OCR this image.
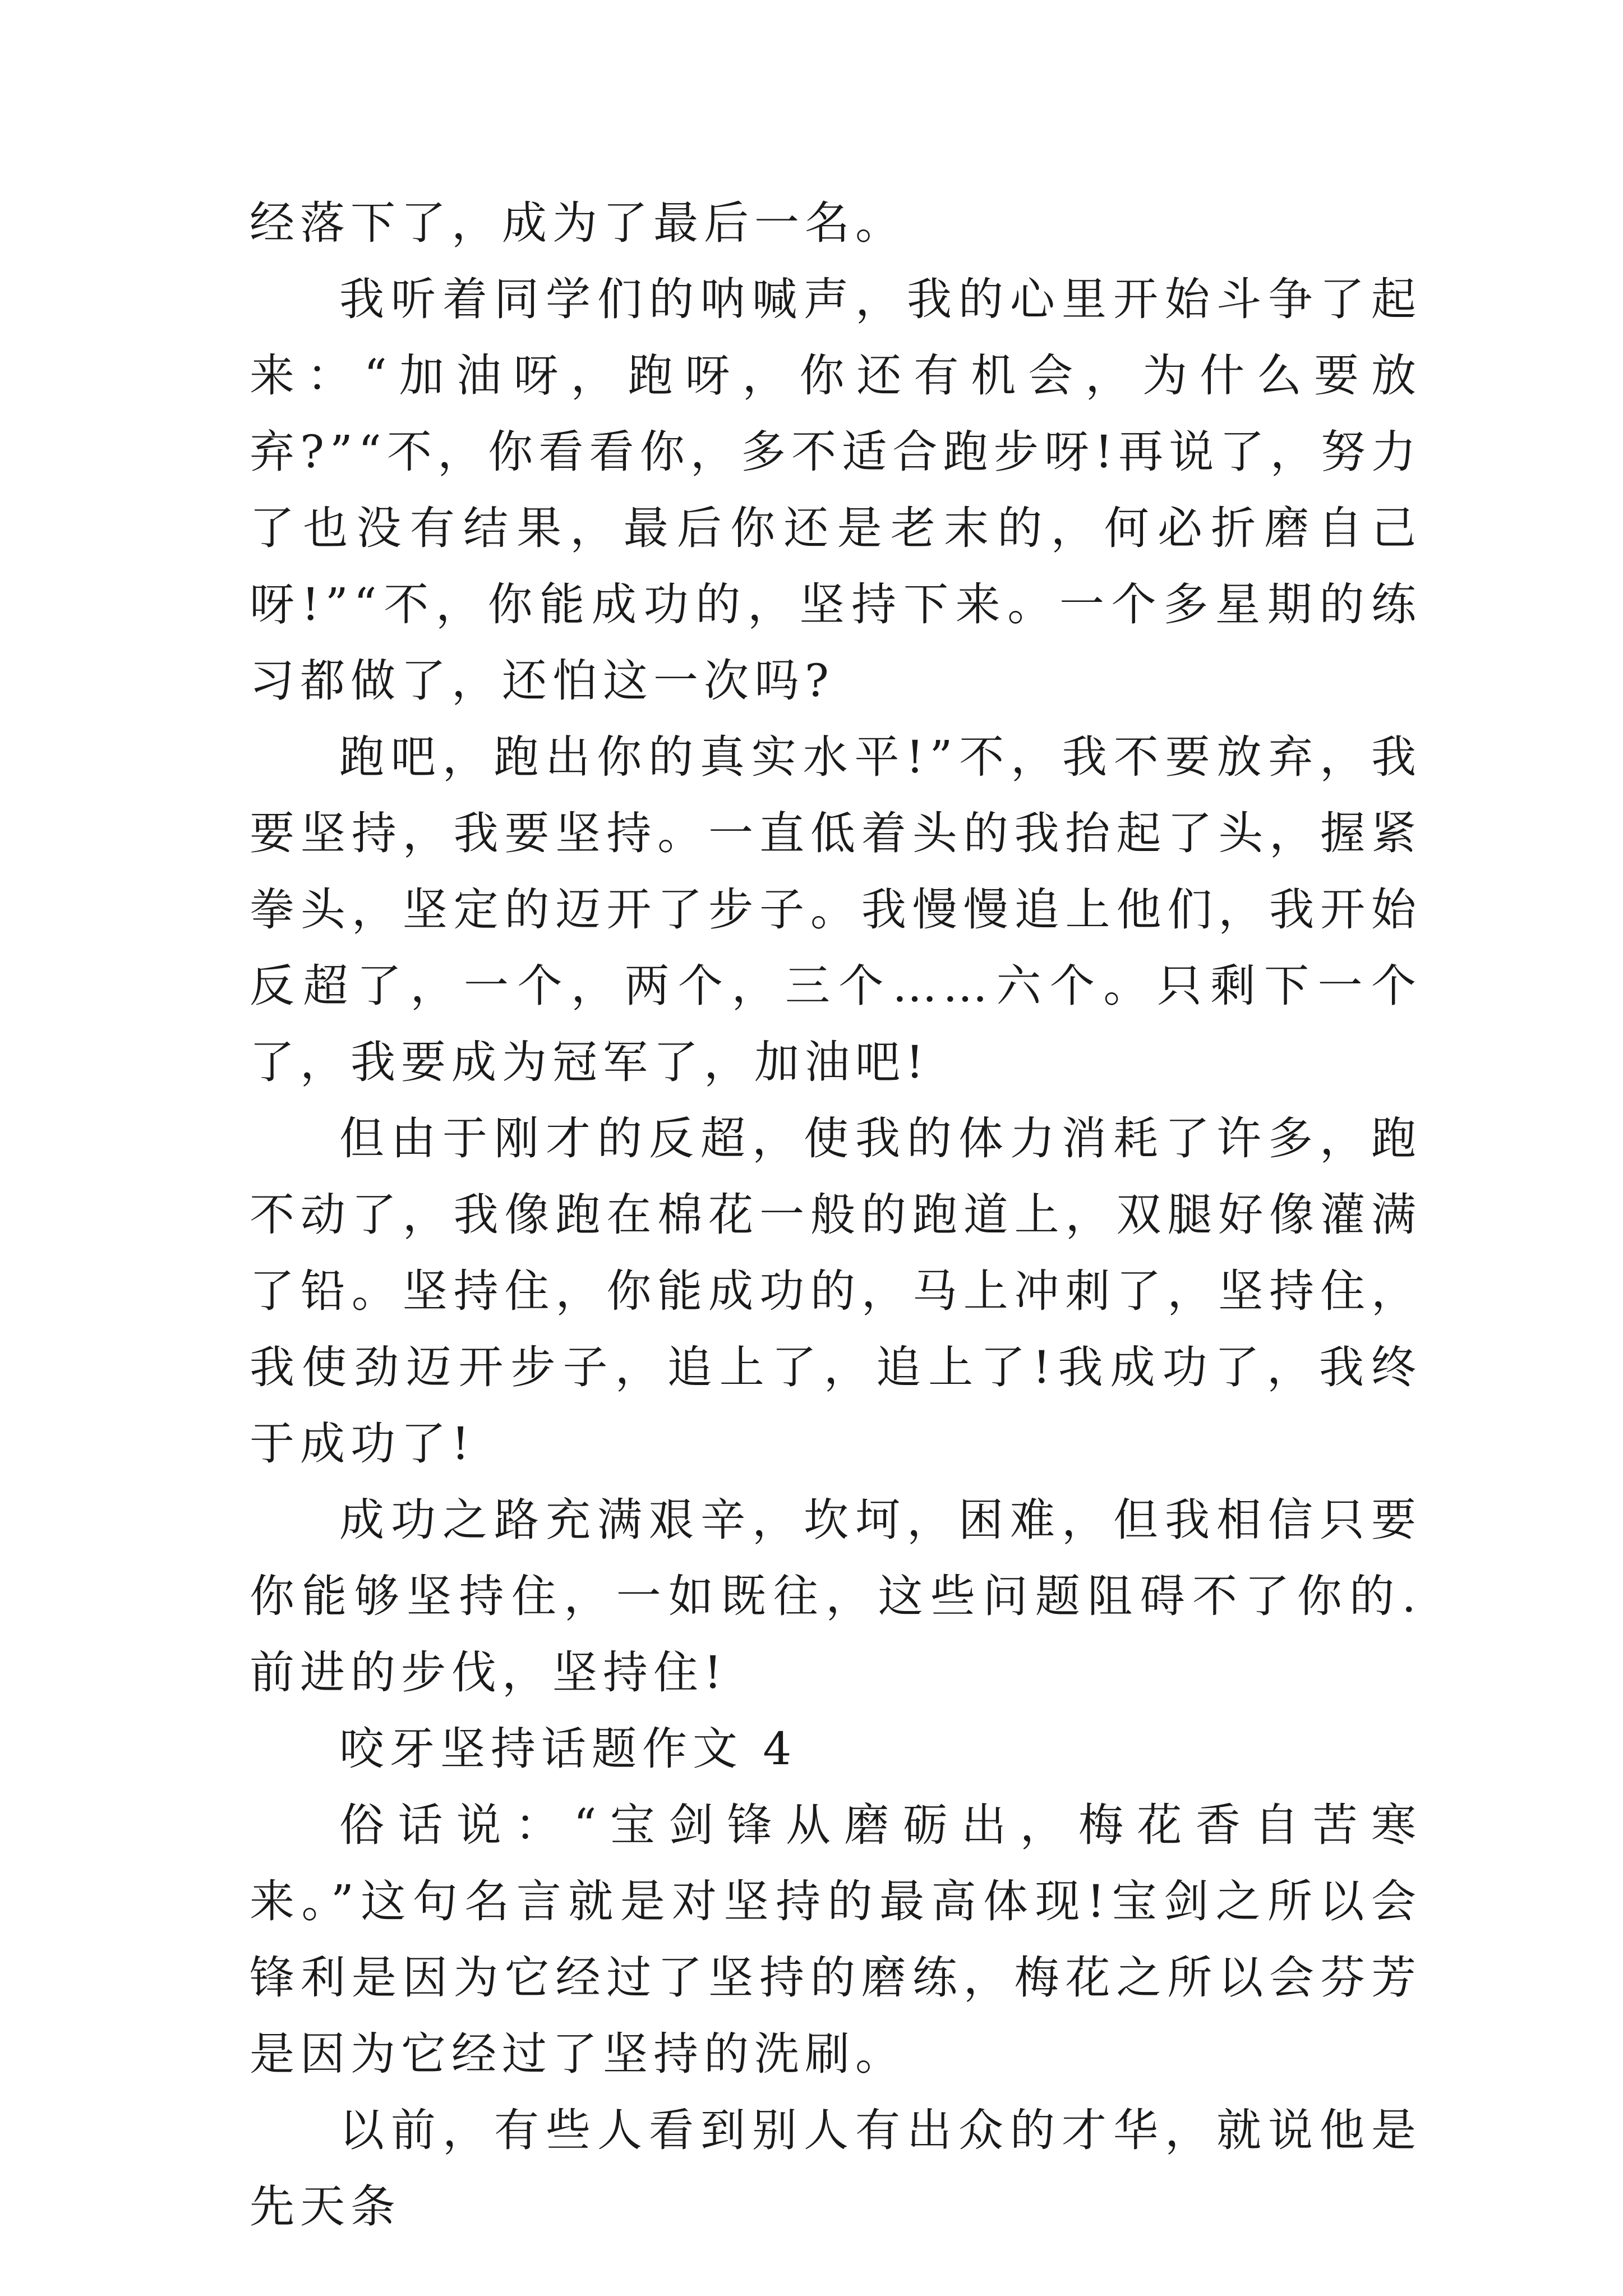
经落下了，成为了最后一名。

我听着同学们的呐喊声，我的心里开始斗争了起来：“加油呀，跑呀，你还有机会，为什么要放弃?”“不，你看看你，多不适合跑步呀!再说了，努力了也没有结果，最后你还是老末的，何必折磨自己呀!”“不，你能成功的，坚持下来。一个多星期的练习都做了，还怕这一次吗?

跑吧，跑出你的真实水平!”不，我不要放弃，我要坚持，我要坚持。一直低着头的我抬起了头，握紧拳头，坚定的迈开了步子。我慢慢追上他们，我开始反超了，一个，两个，三个……六个。只剩下一个了，我要成为冠军了，加油吧!

但由于刚才的反超，使我的体力消耗了许多，跑不动了，我像跑在棉花一般的跑道上，双腿好像灌满了铅。坚持住，你能成功的，马上冲刺了，坚持住，我使劲迈开步子，追上了，追上了!我成功了，我终于成功了!

成功之路充满艰辛，坎坷，困难，但我相信只要你能够坚持住，一如既往，这些问题阻碍不了你的.前进的步伐，坚持住!

咬牙坚持话题作文 4

俗话说：“宝剑锋从磨砺出，梅花香自苦寒来。”这句名言就是对坚持的最高体现!宝剑之所以会锋利是因为它经过了坚持的磨练，梅花之所以会芬芳是因为它经过了坚持的洗刷。

以前，有些人看到别人有出众的才华，就说他是先天条
